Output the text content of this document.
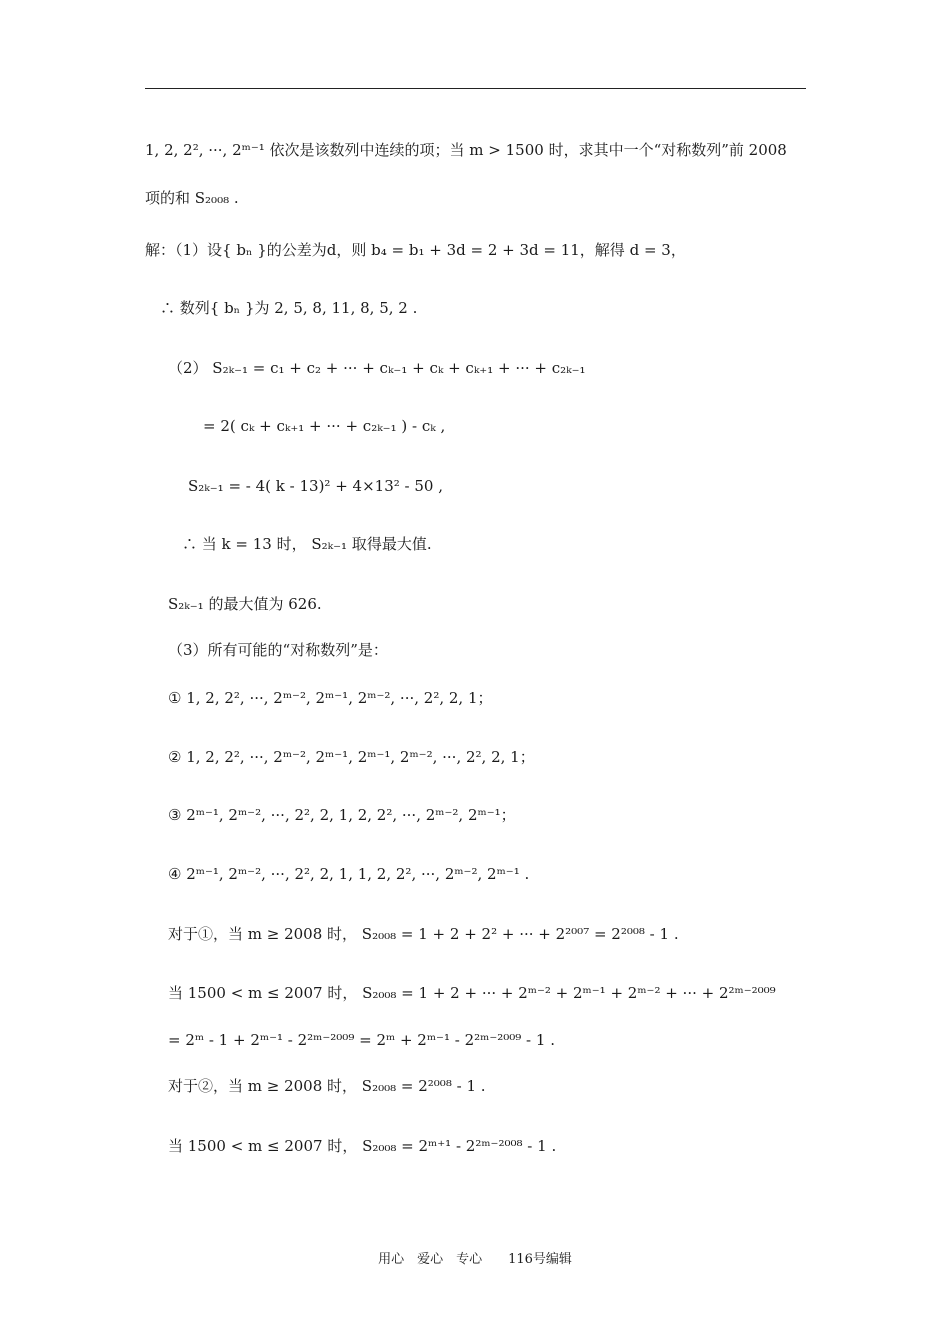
1, 2, 2², ···, 2ᵐ⁻¹ 依次是该数列中连续的项；当 m > 1500 时，求其中一个“对称数列”前 2008
项的和 S₂₀₀₈ .
解：（1）设{ bₙ }的公差为d，则 b₄ = b₁ + 3d = 2 + 3d = 11，解得 d = 3，
∴ 数列{ bₙ }为 2, 5, 8, 11, 8, 5, 2 .
（2） S₂ₖ₋₁ = c₁ + c₂ + ··· + cₖ₋₁ + cₖ + cₖ₊₁ + ··· + c₂ₖ₋₁
= 2( cₖ + cₖ₊₁ + ··· + c₂ₖ₋₁ ) - cₖ ,
S₂ₖ₋₁ = - 4( k - 13)² + 4×13² - 50 ,
∴ 当 k = 13 时， S₂ₖ₋₁ 取得最大值.
S₂ₖ₋₁ 的最大值为 626.
（3）所有可能的“对称数列”是：
① 1, 2, 2², ···, 2ᵐ⁻², 2ᵐ⁻¹, 2ᵐ⁻², ···, 2², 2, 1；
② 1, 2, 2², ···, 2ᵐ⁻², 2ᵐ⁻¹, 2ᵐ⁻¹, 2ᵐ⁻², ···, 2², 2, 1；
③ 2ᵐ⁻¹, 2ᵐ⁻², ···, 2², 2, 1, 2, 2², ···, 2ᵐ⁻², 2ᵐ⁻¹；
④ 2ᵐ⁻¹, 2ᵐ⁻², ···, 2², 2, 1, 1, 2, 2², ···, 2ᵐ⁻², 2ᵐ⁻¹ .
对于①，当 m ≥ 2008 时， S₂₀₀₈ = 1 + 2 + 2² + ··· + 2²⁰⁰⁷ = 2²⁰⁰⁸ - 1 .
当 1500 < m ≤ 2007 时， S₂₀₀₈ = 1 + 2 + ··· + 2ᵐ⁻² + 2ᵐ⁻¹ + 2ᵐ⁻² + ··· + 2²ᵐ⁻²⁰⁰⁹
= 2ᵐ - 1 + 2ᵐ⁻¹ - 2²ᵐ⁻²⁰⁰⁹ = 2ᵐ + 2ᵐ⁻¹ - 2²ᵐ⁻²⁰⁰⁹ - 1 .
对于②，当 m ≥ 2008 时， S₂₀₀₈ = 2²⁰⁰⁸ - 1 .
当 1500 < m ≤ 2007 时， S₂₀₀₈ = 2ᵐ⁺¹ - 2²ᵐ⁻²⁰⁰⁸ - 1 .
用心　爱心　专心　　116号编辑
